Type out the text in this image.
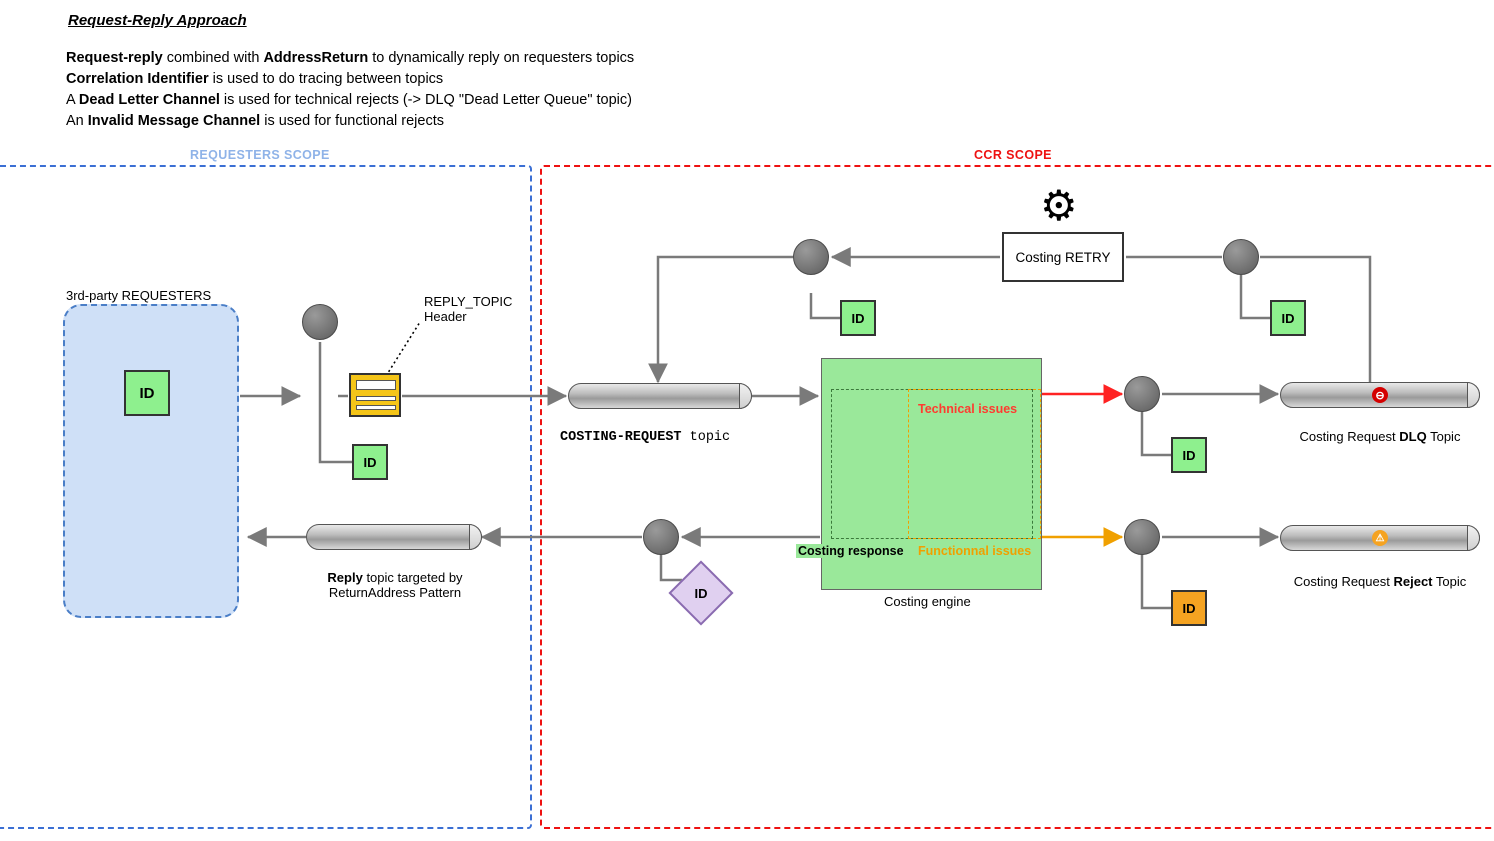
Request-Reply Approach
Request-reply combined with AddressReturn to dynamically reply on requesters topics
Correlation Identifier is used to do tracing between topics
A Dead Letter Channel is used for technical rejects (-> DLQ "Dead Letter Queue" topic)
An Invalid Message Channel is used for functional rejects
REQUESTERS SCOPE	CCR SCOPE
3rd-party REQUESTERS
ID
REPLY_TOPIC
Header
ID
Reply topic targeted by
ReturnAddress Pattern
COSTING-REQUEST topic
⚙
Costing RETRY
ID	ID
Technical issues
Functionnal issues
Costing response
Costing engine
ID
⊖
Costing Request DLQ Topic
ID
⚠
Costing Request Reject Topic
ID
